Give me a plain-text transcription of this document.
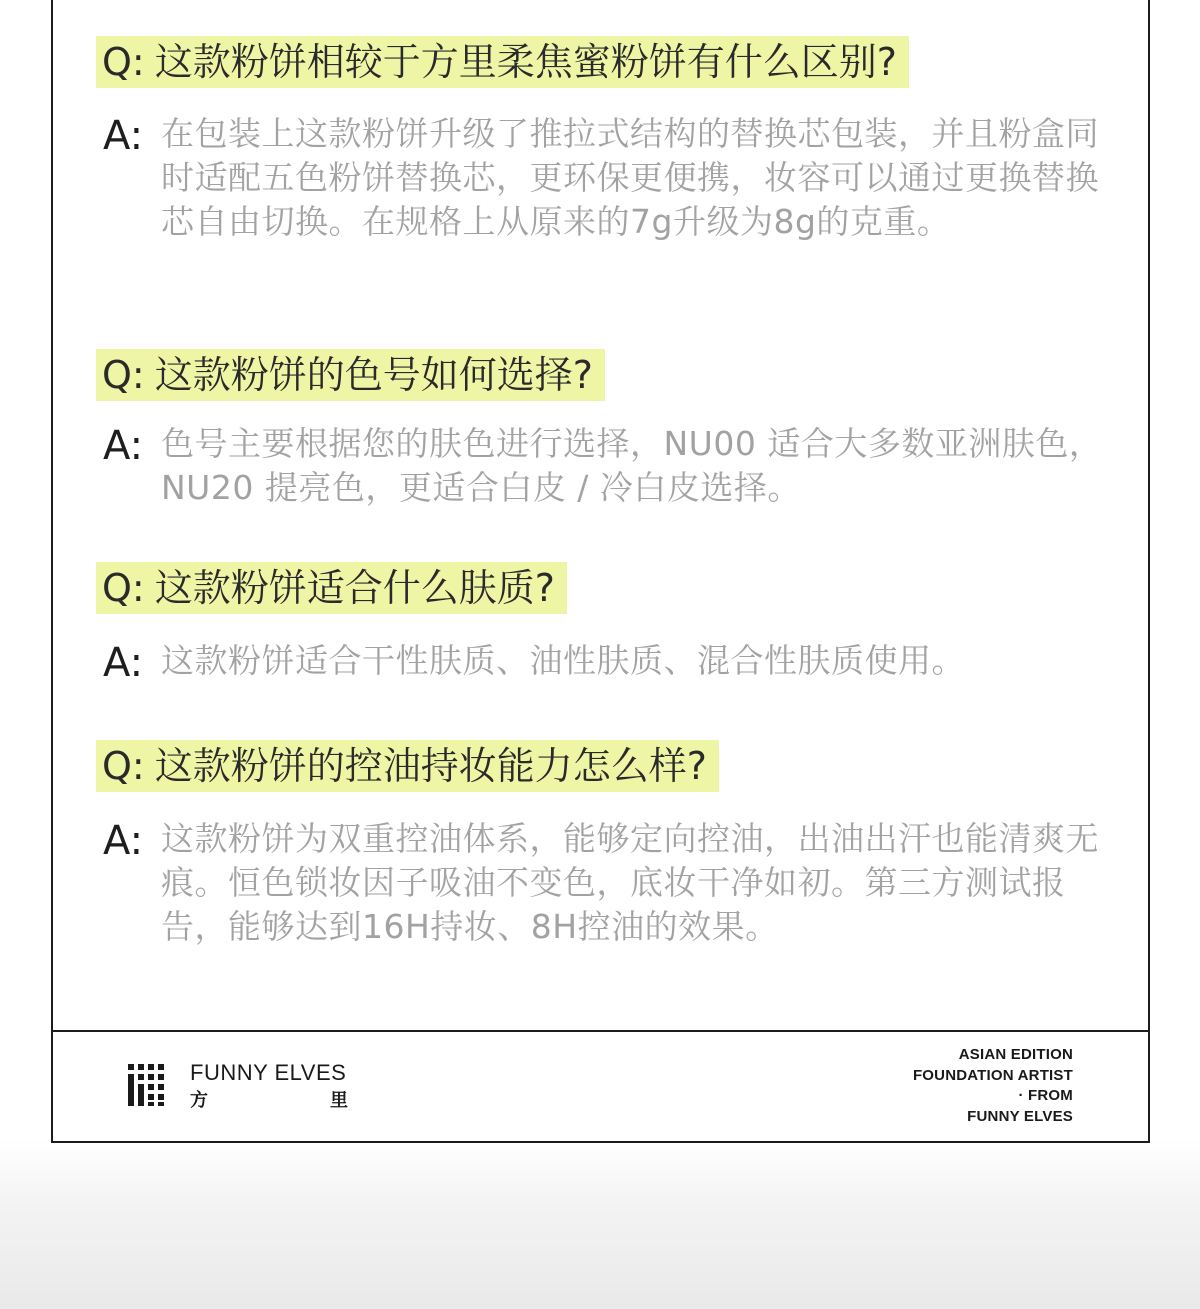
Q: 这款粉饼相较于方里柔焦蜜粉饼有什么区别?
A: 在包装上这款粉饼升级了推拉式结构的替换芯包装，并且粉盒同时适配五色粉饼替换芯，更环保更便携，妆容可以通过更换替换芯自由切换。在规格上从原来的7g升级为8g的克重。
Q: 这款粉饼的色号如何选择?
A: 色号主要根据您的肤色进行选择，NU00 适合大多数亚洲肤色，NU20 提亮色，更适合白皮 / 冷白皮选择。
Q: 这款粉饼适合什么肤质?
A: 这款粉饼适合干性肤质、油性肤质、混合性肤质使用。
Q: 这款粉饼的控油持妆能力怎么样?
A: 这款粉饼为双重控油体系，能够定向控油，出油出汗也能清爽无痕。恒色锁妆因子吸油不变色，底妆干净如初。第三方测试报告，能够达到16H持妆、8H控油的效果。
FUNNY ELVES
方	里
ASIAN EDITION
FOUNDATION ARTIST
· FROM
FUNNY ELVES
